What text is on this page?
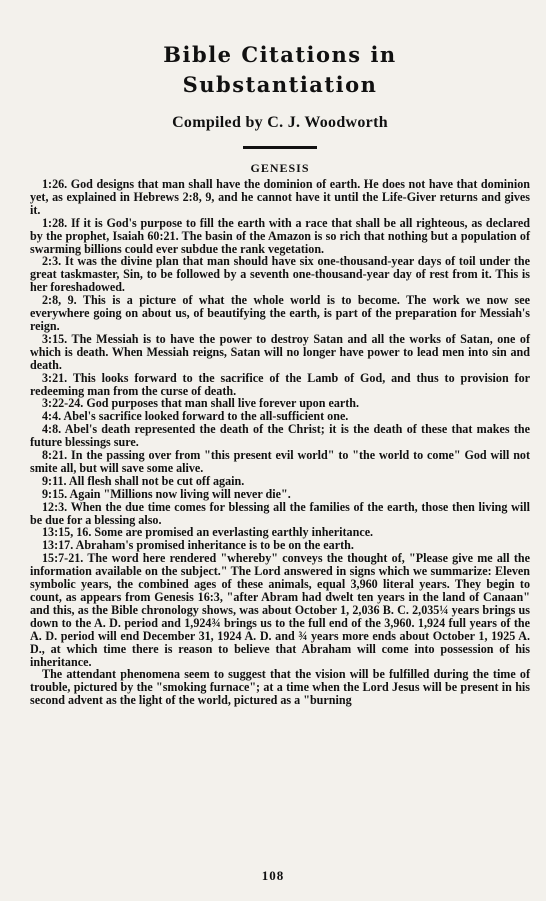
Bible Citations in
Substantiation
Compiled by C. J. Woodworth
GENESIS

1:26. God designs that man shall have the dominion of earth. He does not have that dominion yet, as explained in Hebrews 2:8, 9, and he cannot have it until the Life-Giver returns and gives it.

1:28. If it is God's purpose to fill the earth with a race that shall be all righteous, as declared by the prophet, Isaiah 60:21. The basin of the Amazon is so rich that nothing but a population of swarming billions could ever subdue the rank vegetation.

2:3. It was the divine plan that man should have six one-thousand-year days of toil under the great taskmaster, Sin, to be followed by a seventh one-thousand-year day of rest from it. This is her foreshadowed.

2:8, 9. This is a picture of what the whole world is to become. The work we now see everywhere going on about us, of beautifying the earth, is part of the preparation for Messiah's reign.

3:15. The Messiah is to have the power to destroy Satan and all the works of Satan, one of which is death. When Messiah reigns, Satan will no longer have power to lead men into sin and death.

3:21. This looks forward to the sacrifice of the Lamb of God, and thus to provision for redeeming man from the curse of death.

3:22-24. God purposes that man shall live forever upon earth.

4:4. Abel's sacrifice looked forward to the all-sufficient one.

4:8. Abel's death represented the death of the Christ; it is the death of these that makes the future blessings sure.

8:21. In the passing over from "this present evil world" to "the world to come" God will not smite all, but will save some alive.

9:11. All flesh shall not be cut off again.

9:15. Again "Millions now living will never die".

12:3. When the due time comes for blessing all the families of the earth, those then living will be due for a blessing also.

13:15, 16. Some are promised an everlasting earthly inheritance.

13:17. Abraham's promised inheritance is to be on the earth.

15:7-21. The word here rendered "whereby" conveys the thought of, "Please give me all the information available on the subject." The Lord answered in signs which we summarize: Eleven symbolic years, the combined ages of these animals, equal 3,960 literal years. They begin to count, as appears from Genesis 16:3, "after Abram had dwelt ten years in the land of Canaan" and this, as the Bible chronology shows, was about October 1, 2,036 B. C. 2,035¼ years brings us down to the A. D. period and 1,924¾ brings us to the full end of the 3,960. 1,924 full years of the A. D. period will end December 31, 1924 A. D. and ¾ years more ends about October 1, 1925 A. D., at which time there is reason to believe that Abraham will come into possession of his inheritance.

The attendant phenomena seem to suggest that the vision will be fulfilled during the time of trouble, pictured by the "smoking furnace"; at a time when the Lord Jesus will be present in his second advent as the light of the world, pictured as a "burning

108
